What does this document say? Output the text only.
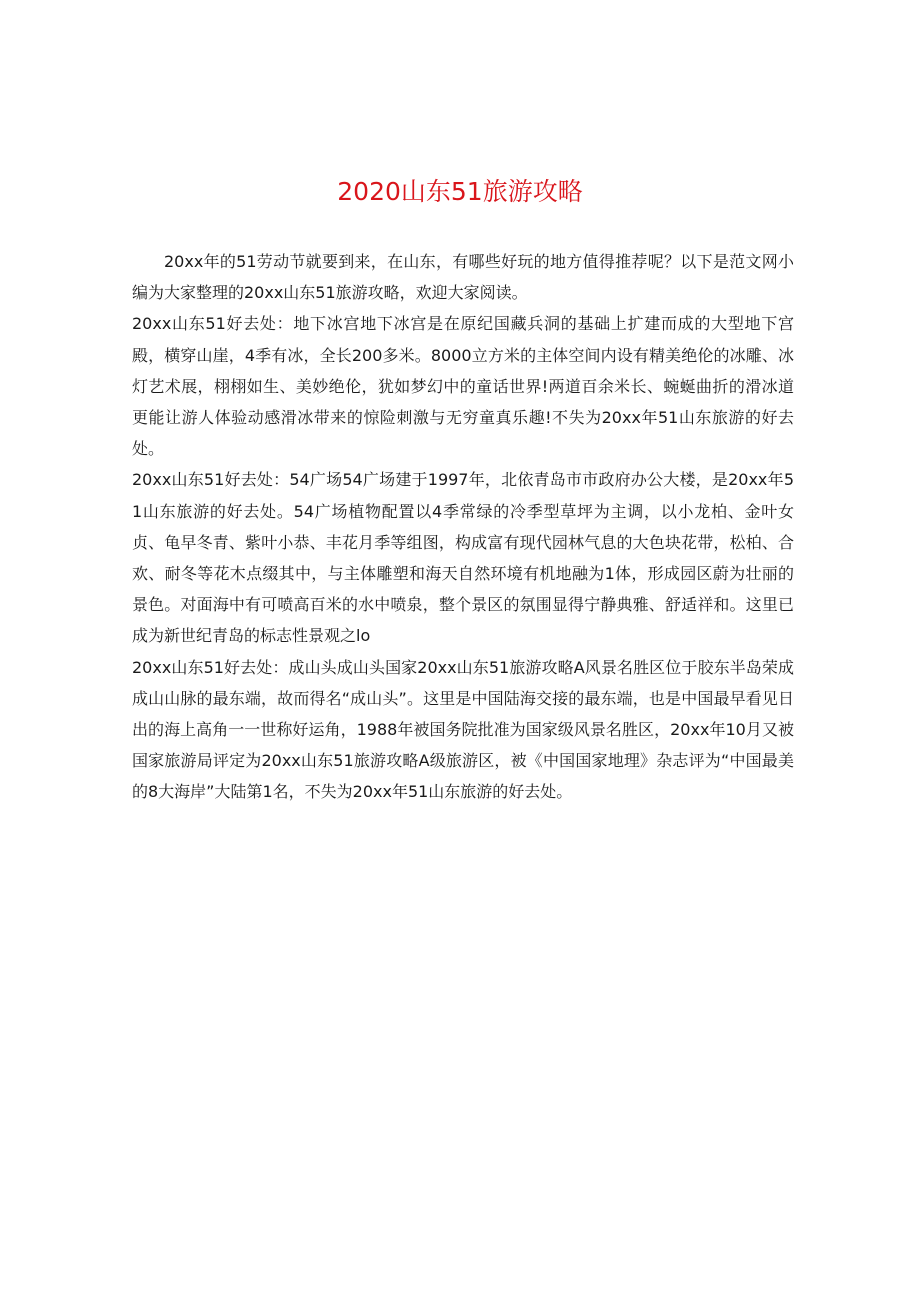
2020山东51旅游攻略

20xx年的51劳动节就要到来，在山东，有哪些好玩的地方值得推荐呢？以下是范文网小编为大家整理的20xx山东51旅游攻略，欢迎大家阅读。

20xx山东51好去处：地下冰宫地下冰宫是在原纪国藏兵洞的基础上扩建而成的大型地下宫殿，横穿山崖，4季有冰，全长200多米。8000立方米的主体空间内设有精美绝伦的冰雕、冰灯艺术展，栩栩如生、美妙绝伦，犹如梦幻中的童话世界!两道百余米长、蜿蜒曲折的滑冰道更能让游人体验动感滑冰带来的惊险刺激与无穷童真乐趣!不失为20xx年51山东旅游的好去处。

20xx山东51好去处：54广场54广场建于1997年，北依青岛市市政府办公大楼，是20xx年51山东旅游的好去处。54广场植物配置以4季常绿的冷季型草坪为主调，以小龙柏、金叶女贞、龟早冬青、紫叶小恭、丰花月季等组图，构成富有现代园林气息的大色块花带，松柏、合欢、耐冬等花木点缀其中，与主体雕塑和海天自然环境有机地融为1体，形成园区蔚为壮丽的景色。对面海中有可喷高百米的水中喷泉，整个景区的氛围显得宁静典雅、舒适祥和。这里已成为新世纪青岛的标志性景观之lo

20xx山东51好去处：成山头成山头国家20xx山东51旅游攻略A风景名胜区位于胶东半岛荣成成山山脉的最东端，故而得名“成山头”。这里是中国陆海交接的最东端，也是中国最早看见日出的海上高角一一世称好运角，1988年被国务院批准为国家级风景名胜区，20xx年10月又被国家旅游局评定为20xx山东51旅游攻略A级旅游区，被《中国国家地理》杂志评为“中国最美的8大海岸”大陆第1名，不失为20xx年51山东旅游的好去处。
